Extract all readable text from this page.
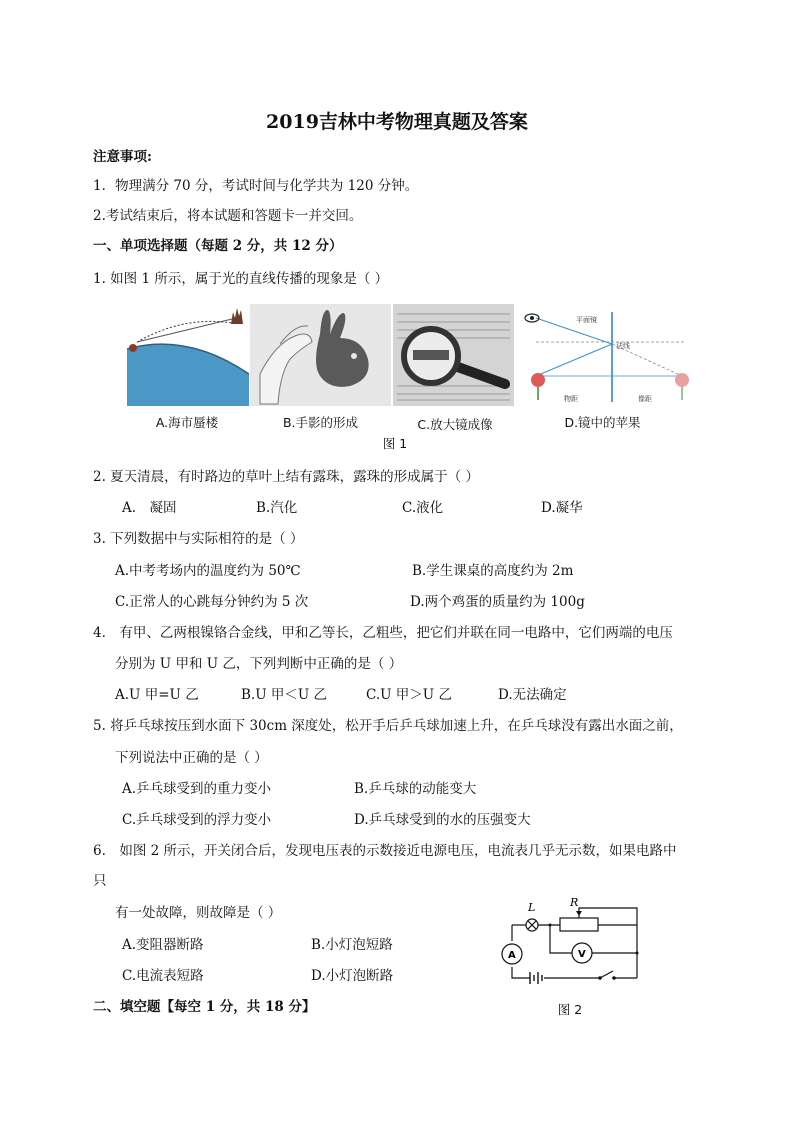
2019吉林中考物理真题及答案
注意事项:
1．物理满分 70 分，考试时间与化学共为 120 分钟。
2.考试结束后，将本试题和答题卡一并交回。
一、单项选择题（每题 2 分，共 12 分）
1. 如图 1 所示，属于光的直线传播的现象是（ ）
平面镜
法线
物距	像距
A.海市蜃楼	B.手影的形成	C.放大镜成像	D.镜中的苹果
图 1
2. 夏天清晨，有时路边的草叶上结有露珠，露珠的形成属于（ ）
A.　凝固	B.汽化	C.液化	D.凝华
3. 下列数据中与实际相符的是（ ）
A.中考考场内的温度约为 50℃	B.学生课桌的高度约为 2m
C.正常人的心跳每分钟约为 5 次	D.两个鸡蛋的质量约为 100g
4.　有甲、乙两根镍铬合金线，甲和乙等长，乙粗些，把它们并联在同一电路中，它们两端的电压
分别为 U 甲和 U 乙，下列判断中正确的是（ ）
A.U 甲=U 乙	B.U 甲＜U 乙	C.U 甲＞U 乙	D.无法确定
5. 将乒乓球按压到水面下 30cm 深度处，松开手后乒乓球加速上升，在乒乓球没有露出水面之前，
下列说法中正确的是（ ）
A.乒乓球受到的重力变小	B.乒乓球的动能变大
C.乒乓球受到的浮力变小	D.乒乓球受到的水的压强变大
6.　如图 2 所示，开关闭合后，发现电压表的示数接近电源电压，电流表几乎无示数，如果电路中
只
有一处故障，则故障是（ ）
A.变阻器断路	B.小灯泡短路
C.电流表短路	D.小灯泡断路
L	R
A	V
图 2
二、填空题【每空 1 分，共 18 分】
